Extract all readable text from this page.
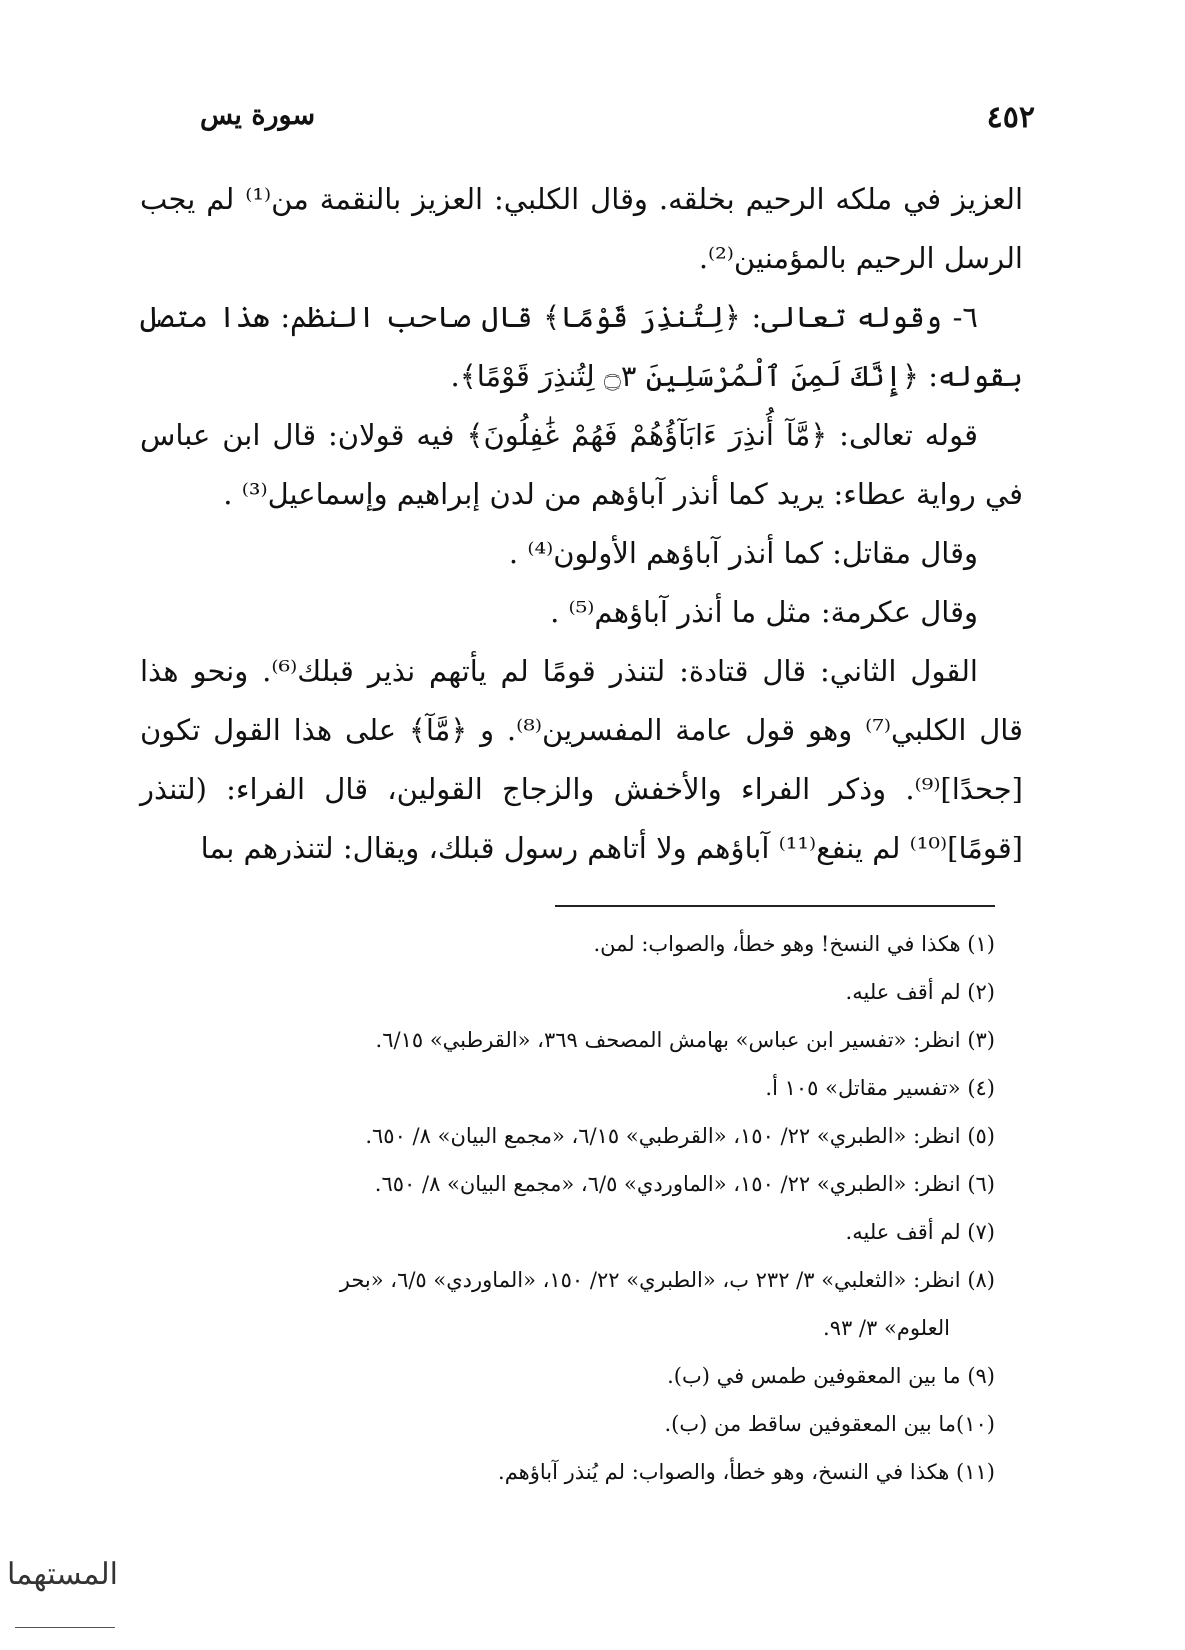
٤٥٢
سورة يس

العزيز في ملكه الرحيم بخلقه. وقال الكلبي: العزيز بالنقمة من⁽¹⁾ لم يجب الرسل الرحيم بالمؤمنين⁽²⁾.

٦- وقوله تعالى: ﴿لِتُنذِرَ قَوْمًا﴾ قال صاحب النظم: هذا متصل بقوله: ﴿إِنَّكَ لَمِنَ ٱلْمُرْسَلِينَ ۝٣ لِتُنذِرَ قَوْمًا﴾.

قوله تعالى: ﴿مَّآ أُنذِرَ ءَابَآؤُهُمْ فَهُمْ غَٰفِلُونَ﴾ فيه قولان: قال ابن عباس في رواية عطاء: يريد كما أنذر آباؤهم من لدن إبراهيم وإسماعيل⁽³⁾ .

وقال مقاتل: كما أنذر آباؤهم الأولون⁽⁴⁾ .

وقال عكرمة: مثل ما أنذر آباؤهم⁽⁵⁾ .

القول الثاني: قال قتادة: لتنذر قومًا لم يأتهم نذير قبلك⁽⁶⁾. ونحو هذا قال الكلبي⁽⁷⁾ وهو قول عامة المفسرين⁽⁸⁾. و ﴿مَّآ﴾ على هذا القول تكون [جحدًا]⁽⁹⁾. وذكر الفراء والأخفش والزجاج القولين، قال الفراء: (لتنذر [قومًا]⁽¹⁰⁾ لم ينفع⁽¹¹⁾ آباؤهم ولا أتاهم رسول قبلك، ويقال: لتنذرهم بما

(١) هكذا في النسخ! وهو خطأ، والصواب: لمن.
(٢) لم أقف عليه.
(٣) انظر: «تفسير ابن عباس» بهامش المصحف ٣٦٩، «القرطبي» ٦/١٥.
(٤) «تفسير مقاتل» ١٠٥ أ.
(٥) انظر: «الطبري» ٢٢/ ١٥٠، «القرطبي» ٦/١٥، «مجمع البيان» ٨/ ٦٥٠.
(٦) انظر: «الطبري» ٢٢/ ١٥٠، «الماوردي» ٦/٥، «مجمع البيان» ٨/ ٦٥٠.
(٧) لم أقف عليه.
(٨) انظر: «الثعلبي» ٣/ ٢٣٢ ب، «الطبري» ٢٢/ ١٥٠، «الماوردي» ٦/٥، «بحر
العلوم» ٣/ ٩٣.
(٩) ما بين المعقوفين طمس في (ب).
(١٠)ما بين المعقوفين ساقط من (ب).
(١١) هكذا في النسخ، وهو خطأ، والصواب: لم يُنذر آباؤهم.
المستهما
